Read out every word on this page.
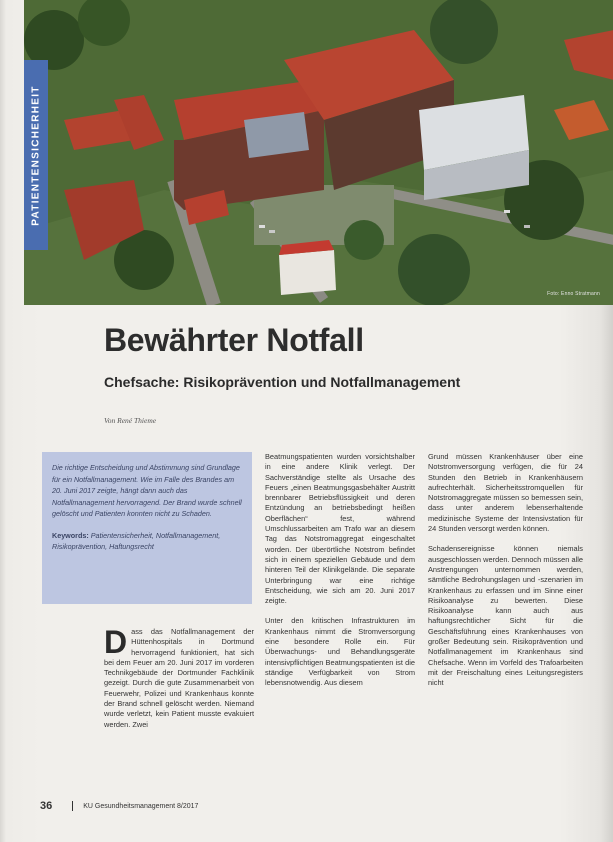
Foto: Enno Stratmann
PATIENTENSICHERHEIT
Bewährter Notfall
Chefsache: Risikoprävention und Notfallmanagement
Von René Thieme

Die richtige Entscheidung und Abstimmung sind Grundlage für ein Notfallmanagement. Wie im Falle des Brandes am 20. Juni 2017 zeigte, hängt dann auch das Notfallmanagement hervorragend. Der Brand wurde schnell gelöscht und Patienten konnten nicht zu Schaden.

Keywords: Patientensicherheit, Notfallmanagement, Risikoprävention, Haftungsrecht

Dass das Notfallmanagement der Hüttenhospitals in Dortmund hervorragend funktioniert, hat sich bei dem Feuer am 20. Juni 2017 im vorderen Technikgebäude der Dortmunder Fachklinik gezeigt. Durch die gute Zusammenarbeit von Feuerwehr, Polizei und Krankenhaus konnte der Brand schnell gelöscht werden. Niemand wurde verletzt, kein Patient musste evakuiert werden. Zwei

Beatmungspatienten wurden vorsichtshalber in eine andere Klinik verlegt. Der Sachverständige stellte als Ursache des Feuers „einen Beatmungsgasbehälter Austritt brennbarer Betriebsflüssigkeit und deren Entzündung an betriebsbedingt heißen Oberflächen“ fest, während Umschlussarbeiten am Trafo war an diesem Tag das Notstromaggregat eingeschaltet worden. Der überörtliche Notstrom befindet sich in einem speziellen Gebäude und dem hinteren Teil der Klinikgelände. Die separate Unterbringung war eine richtige Entscheidung, wie sich am 20. Juni 2017 zeigte.

Unter den kritischen Infrastrukturen im Krankenhaus nimmt die Stromversorgung eine besondere Rolle ein. Für Überwachungs- und Behandlungsgeräte intensivpflichtigen Beatmungspatienten ist die ständige Verfügbarkeit von Strom lebensnotwendig. Aus diesem

Grund müssen Krankenhäuser über eine Notstromversorgung verfügen, die für 24 Stunden den Betrieb in Krankenhäusern aufrechterhält. Sicherheitsstromquellen für Notstromaggregate müssen so bemessen sein, dass unter anderem lebenserhaltende medizinische Systeme der Intensivstation für 24 Stunden versorgt werden können.

Schadensereignisse können niemals ausgeschlossen werden. Dennoch müssen alle Anstrengungen unternommen werden, sämtliche Bedrohungslagen und -szenarien im Krankenhaus zu erfassen und im Sinne einer Risikoanalyse zu bewerten. Diese Risikoanalyse kann auch aus haftungsrechtlicher Sicht für die Geschäftsführung eines Krankenhauses von großer Bedeutung sein. Risikoprävention und Notfallmanagement im Krankenhaus sind Chefsache. Wenn im Vorfeld des Trafoarbeiten mit der Freischaltung eines Leitungsregisters nicht

36	KU Gesundheitsmanagement 8/2017
